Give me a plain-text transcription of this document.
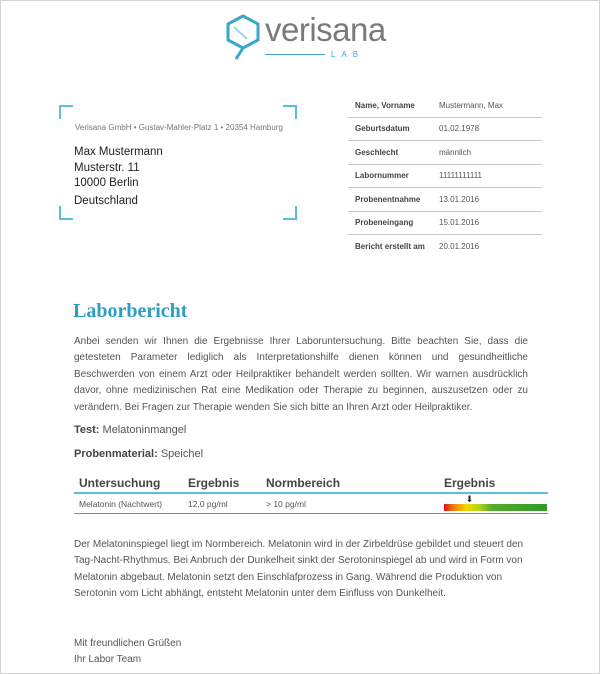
verisana
LAB
Verisana GmbH • Gustav-Mahler-Platz 1 • 20354 Hamburg
Max Mustermann
Musterstr. 11
10000 Berlin
Deutschland
Name, Vorname	Mustermann, Max
Geburtsdatum	01.02.1978
Geschlecht	männlich
Labornummer	11111111111
Probenentnahme	13.01.2016
Probeneingang	15.01.2016
Bericht erstellt am	20.01.2016
Laborbericht
Anbei senden wir Ihnen die Ergebnisse Ihrer Laboruntersuchung. Bitte beachten Sie, dass die getesteten Parameter lediglich als Interpretationshilfe dienen können und gesundheitliche Beschwerden von einem Arzt oder Heilpraktiker behandelt werden sollten. Wir warnen ausdrücklich davor, ohne medizinischen Rat eine Medikation oder Therapie zu beginnen, auszusetzen oder zu verändern. Bei Fragen zur Therapie wenden Sie sich bitte an Ihren Arzt oder Heilpraktiker.
Test: Melatoninmangel
Probenmaterial: Speichel
Untersuchung	Ergebnis	Normbereich	Ergebnis
Melatonin (Nachtwert)	12,0 pg/ml	> 10 pg/ml	⬇
Der Melatoninspiegel liegt im Normbereich. Melatonin wird in der Zirbeldrüse gebildet und steuert den Tag-Nacht-Rhythmus. Bei Anbruch der Dunkelheit sinkt der Serotoninspiegel ab und wird in Form von Melatonin abgebaut. Melatonin setzt den Einschlafprozess in Gang. Während die Produktion von Serotonin vom Licht abhängt, entsteht Melatonin unter dem Einfluss von Dunkelheit.
Mit freundlichen Grüßen
Ihr Labor Team
